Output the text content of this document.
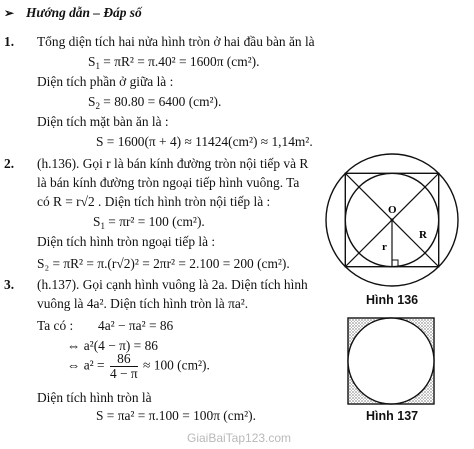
➢ Hướng dẫn – Đáp số
1. Tổng diện tích hai nửa hình tròn ở hai đầu bàn ăn là
$S_1 = \pi R^2 = \pi.40^2 = 1600\pi$ (cm²).
Diện tích phần ở giữa là :
$S_2 = 80.80 = 6400$ (cm²).
Diện tích mặt bàn ăn là :
S = 1600(π + 4) ≈ 11424(cm²) ≈ 1,14m².
2. (h.136). Gọi r là bán kính đường tròn nội tiếp và R
là bán kính đường tròn ngoại tiếp hình vuông. Ta
có R = r√2 . Diện tích hình tròn nội tiếp là :
$S_1 = \pi r^2 = 100$ (cm²).
Diện tích hình tròn ngoại tiếp là :
S₂ = πR² = π.(r√2)² = 2πr² = 2.100 = 200 (cm²).
3. (h.137). Gọi cạnh hình vuông là 2a. Diện tích hình
vuông là 4a². Diện tích hình tròn là πa².
Ta có : 4a² − πa² = 86
⇔ a²(4 − π) = 86
⇔ $a^2 = \frac{86}{4 - \pi} \approx 100$ (cm²).
Diện tích hình tròn là
S = πa² = π.100 = 100π (cm²).
O
r
R
Hình 136
Hình 137
GiaiBaiTap123.com
